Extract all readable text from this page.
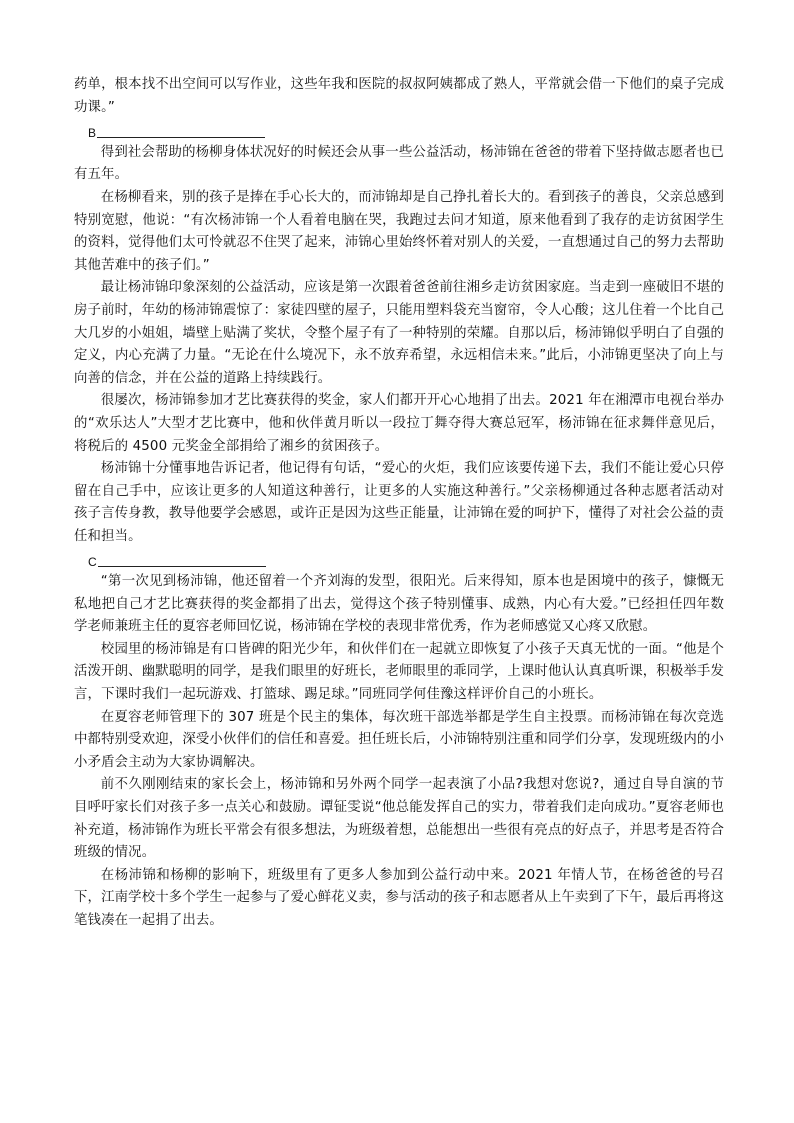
药单，根本找不出空间可以写作业，这些年我和医院的叔叔阿姨都成了熟人，平常就会借一下他们的桌子完成功课。”

B

得到社会帮助的杨柳身体状况好的时候还会从事一些公益活动，杨沛锦在爸爸的带着下坚持做志愿者也已有五年。

在杨柳看来，别的孩子是捧在手心长大的，而沛锦却是自己挣扎着长大的。看到孩子的善良，父亲总感到特别宽慰，他说：“有次杨沛锦一个人看着电脑在哭，我跑过去问才知道，原来他看到了我存的走访贫困学生的资料，觉得他们太可怜就忍不住哭了起来，沛锦心里始终怀着对别人的关爱，一直想通过自己的努力去帮助其他苦难中的孩子们。”

最让杨沛锦印象深刻的公益活动，应该是第一次跟着爸爸前往湘乡走访贫困家庭。当走到一座破旧不堪的房子前时，年幼的杨沛锦震惊了：家徒四壁的屋子，只能用塑料袋充当窗帘，令人心酸；这儿住着一个比自己大几岁的小姐姐，墙壁上贴满了奖状，令整个屋子有了一种特别的荣耀。自那以后，杨沛锦似乎明白了自强的定义，内心充满了力量。“无论在什么境况下，永不放弃希望，永远相信未来。”此后，小沛锦更坚决了向上与向善的信念，并在公益的道路上持续践行。

很屡次，杨沛锦参加才艺比赛获得的奖金，家人们都开开心心地捐了出去。2021 年在湘潭市电视台举办的“欢乐达人”大型才艺比赛中，他和伙伴黄月昕以一段拉丁舞夺得大赛总冠军，杨沛锦在征求舞伴意见后，将税后的 4500 元奖金全部捐给了湘乡的贫困孩子。

杨沛锦十分懂事地告诉记者，他记得有句话，“爱心的火炬，我们应该要传递下去，我们不能让爱心只停留在自己手中，应该让更多的人知道这种善行，让更多的人实施这种善行。”父亲杨柳通过各种志愿者活动对孩子言传身教，教导他要学会感恩，或许正是因为这些正能量，让沛锦在爱的呵护下，懂得了对社会公益的责任和担当。

C

“第一次见到杨沛锦，他还留着一个齐刘海的发型，很阳光。后来得知，原本也是困境中的孩子，慷慨无私地把自己才艺比赛获得的奖金都捐了出去，觉得这个孩子特别懂事、成熟，内心有大爱。”已经担任四年数学老师兼班主任的夏容老师回忆说，杨沛锦在学校的表现非常优秀，作为老师感觉又心疼又欣慰。

校园里的杨沛锦是有口皆碑的阳光少年，和伙伴们在一起就立即恢复了小孩子天真无忧的一面。“他是个活泼开朗、幽默聪明的同学，是我们眼里的好班长，老师眼里的乖同学，上课时他认认真真听课，积极举手发言，下课时我们一起玩游戏、打篮球、踢足球。”同班同学何佳豫这样评价自己的小班长。

在夏容老师管理下的 307 班是个民主的集体，每次班干部选举都是学生自主投票。而杨沛锦在每次竞选中都特别受欢迎，深受小伙伴们的信任和喜爱。担任班长后，小沛锦特别注重和同学们分享，发现班级内的小小矛盾会主动为大家协调解决。

前不久刚刚结束的家长会上，杨沛锦和另外两个同学一起表演了小品?我想对您说?，通过自导自演的节目呼吁家长们对孩子多一点关心和鼓励。谭钲雯说“他总能发挥自己的实力，带着我们走向成功。”夏容老师也补充道，杨沛锦作为班长平常会有很多想法，为班级着想，总能想出一些很有亮点的好点子，并思考是否符合班级的情况。

在杨沛锦和杨柳的影响下，班级里有了更多人参加到公益行动中来。2021 年情人节，在杨爸爸的号召下，江南学校十多个学生一起参与了爱心鲜花义卖，参与活动的孩子和志愿者从上午卖到了下午，最后再将这笔钱凑在一起捐了出去。
